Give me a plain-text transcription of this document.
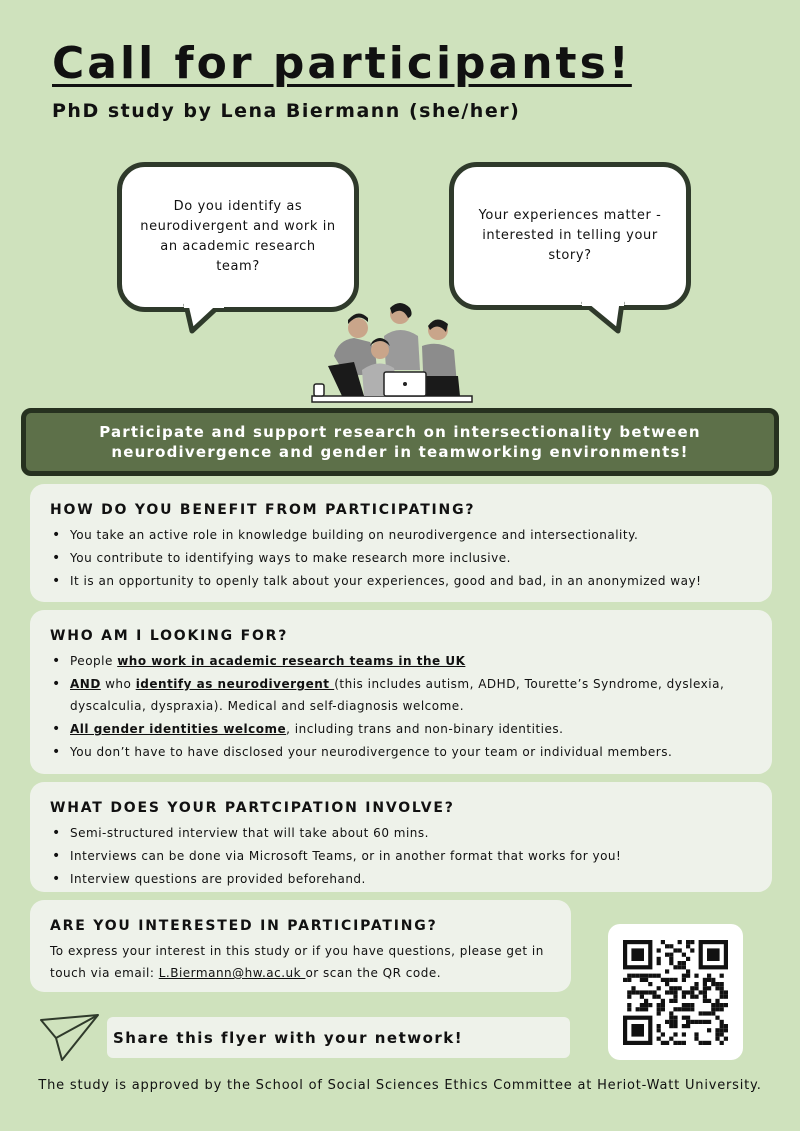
Call for participants!
PhD study by Lena Biermann (she/her)
Do you identify as neurodivergent and work in an academic research team?
Your experiences matter - interested in telling your story?
Participate and support research on intersectionality between neurodivergence and gender in teamworking environments!
HOW DO YOU BENEFIT FROM PARTICIPATING?
• You take an active role in knowledge building on neurodivergence and intersectionality.
• You contribute to identifying ways to make research more inclusive.
• It is an opportunity to openly talk about your experiences, good and bad, in an anonymized way!
WHO AM I LOOKING FOR?
• People who work in academic research teams in the UK
• AND who identify as neurodivergent (this includes autism, ADHD, Tourette’s Syndrome, dyslexia, dyscalculia, dyspraxia). Medical and self-diagnosis welcome.
• All gender identities welcome, including trans and non-binary identities.
• You don’t have to have disclosed your neurodivergence to your team or individual members.
WHAT DOES YOUR PARTCIPATION INVOLVE?
• Semi-structured interview that will take about 60 mins.
• Interviews can be done via Microsoft Teams, or in another format that works for you!
• Interview questions are provided beforehand.
ARE YOU INTERESTED IN PARTICIPATING?

To express your interest in this study or if you have questions, please get in touch via email: L.Biermann@hw.ac.uk or scan the QR code.

Share this flyer with your network!
The study is approved by the School of Social Sciences Ethics Committee at Heriot-Watt University.
